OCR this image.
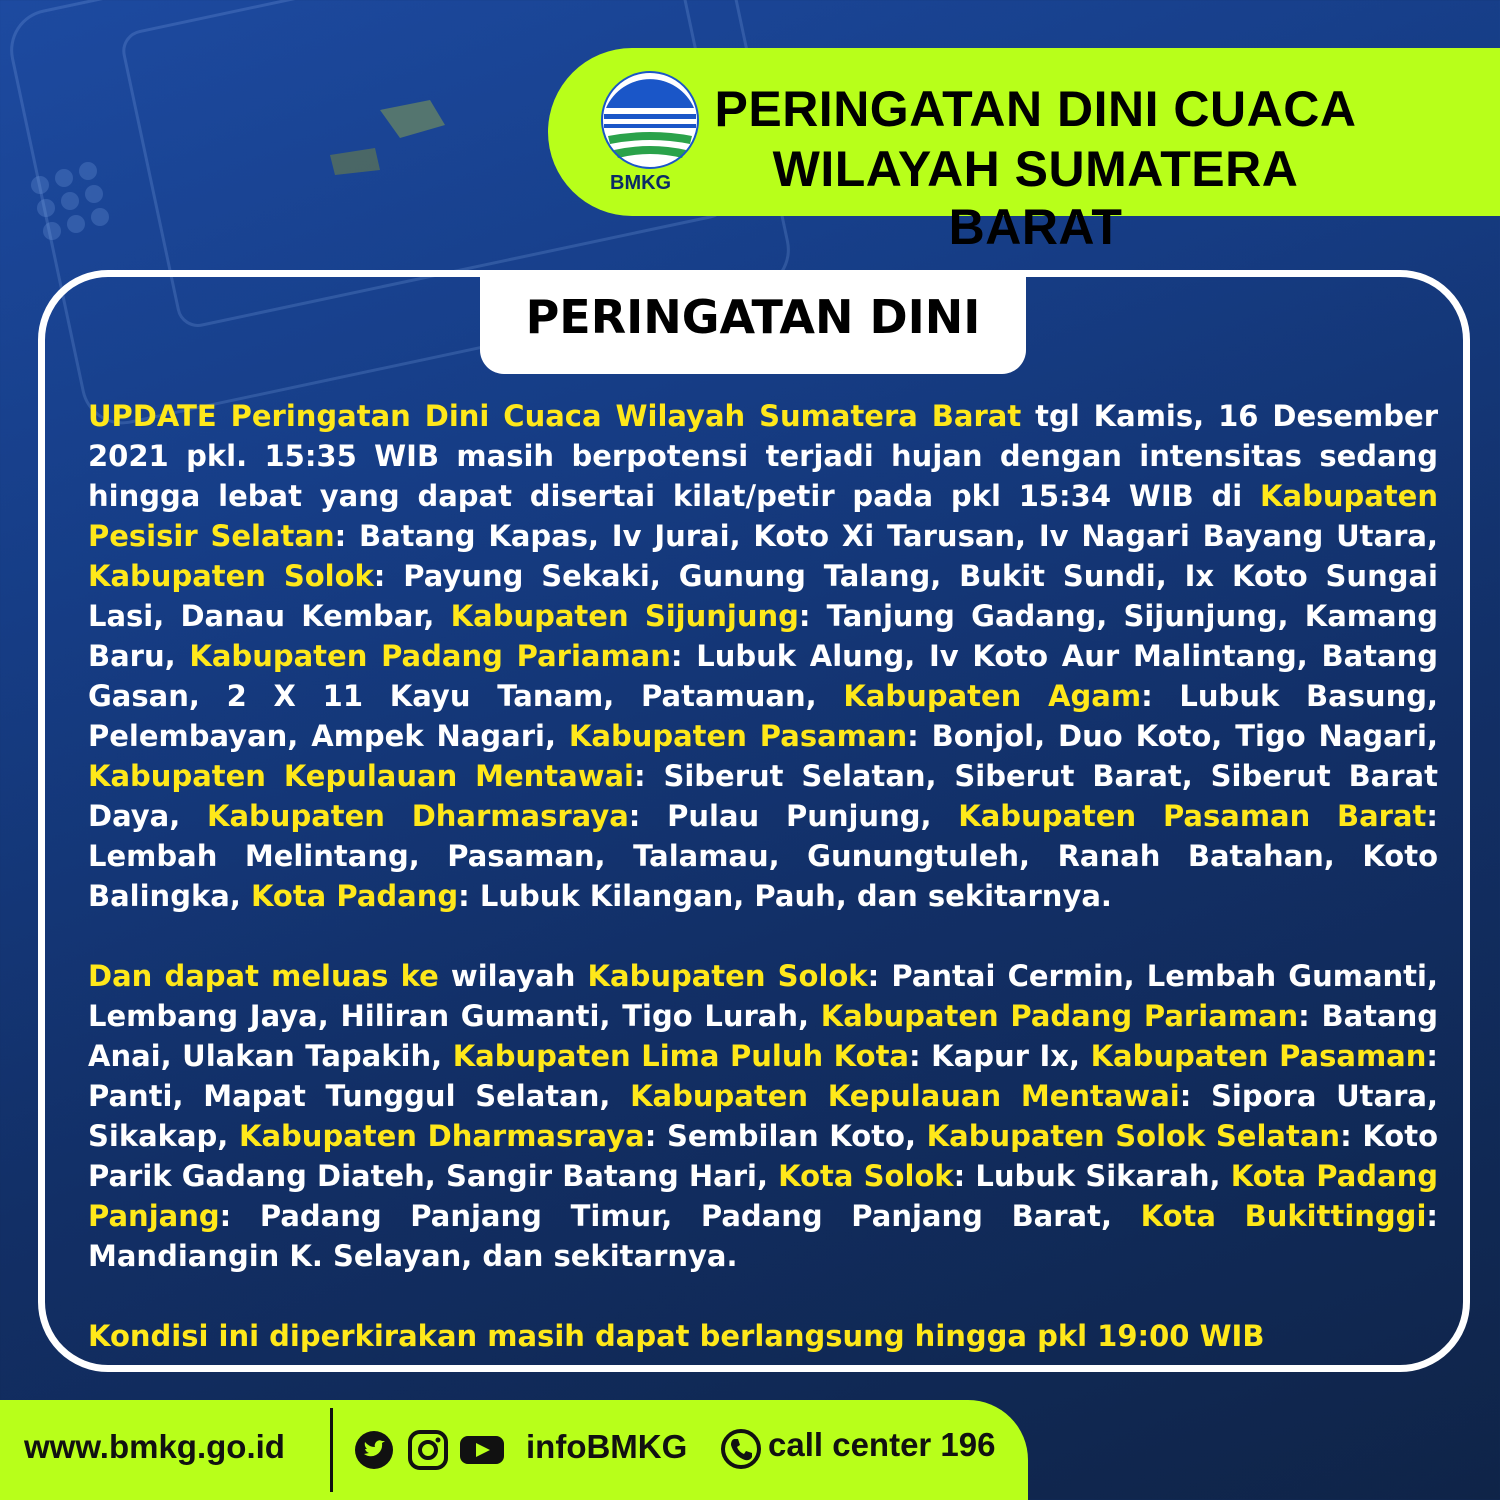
BMKG
PERINGATAN DINI CUACA
WILAYAH SUMATERA BARAT
PERINGATAN DINI

UPDATE Peringatan Dini Cuaca Wilayah Sumatera Barat tgl Kamis, 16 Desember 2021 pkl. 15:35 WIB masih berpotensi terjadi hujan dengan intensitas sedang hingga lebat yang dapat disertai kilat/petir pada pkl 15:34 WIB di Kabupaten Pesisir Selatan: Batang Kapas, Iv Jurai, Koto Xi Tarusan, Iv Nagari Bayang Utara, Kabupaten Solok: Payung Sekaki, Gunung Talang, Bukit Sundi, Ix Koto Sungai Lasi, Danau Kembar, Kabupaten Sijunjung: Tanjung Gadang, Sijunjung, Kamang Baru, Kabupaten Padang Pariaman: Lubuk Alung, Iv Koto Aur Malintang, Batang Gasan, 2 X 11 Kayu Tanam, Patamuan, Kabupaten Agam: Lubuk Basung, Pelembayan, Ampek Nagari, Kabupaten Pasaman: Bonjol, Duo Koto, Tigo Nagari, Kabupaten Kepulauan Mentawai: Siberut Selatan, Siberut Barat, Siberut Barat Daya, Kabupaten Dharmasraya: Pulau Punjung, Kabupaten Pasaman Barat: Lembah Melintang, Pasaman, Talamau, Gunungtuleh, Ranah Batahan, Koto Balingka, Kota Padang: Lubuk Kilangan, Pauh, dan sekitarnya.

Dan dapat meluas ke wilayah Kabupaten Solok: Pantai Cermin, Lembah Gumanti, Lembang Jaya, Hiliran Gumanti, Tigo Lurah, Kabupaten Padang Pariaman: Batang Anai, Ulakan Tapakih, Kabupaten Lima Puluh Kota: Kapur Ix, Kabupaten Pasaman: Panti, Mapat Tunggul Selatan, Kabupaten Kepulauan Mentawai: Sipora Utara, Sikakap, Kabupaten Dharmasraya: Sembilan Koto, Kabupaten Solok Selatan: Koto Parik Gadang Diateh, Sangir Batang Hari, Kota Solok: Lubuk Sikarah, Kota Padang Panjang: Padang Panjang Timur, Padang Panjang Barat, Kota Bukittinggi: Mandiangin K. Selayan, dan sekitarnya.

Kondisi ini diperkirakan masih dapat berlangsung hingga pkl 19:00 WIB

www.bmkg.go.id	infoBMKG call center 196
